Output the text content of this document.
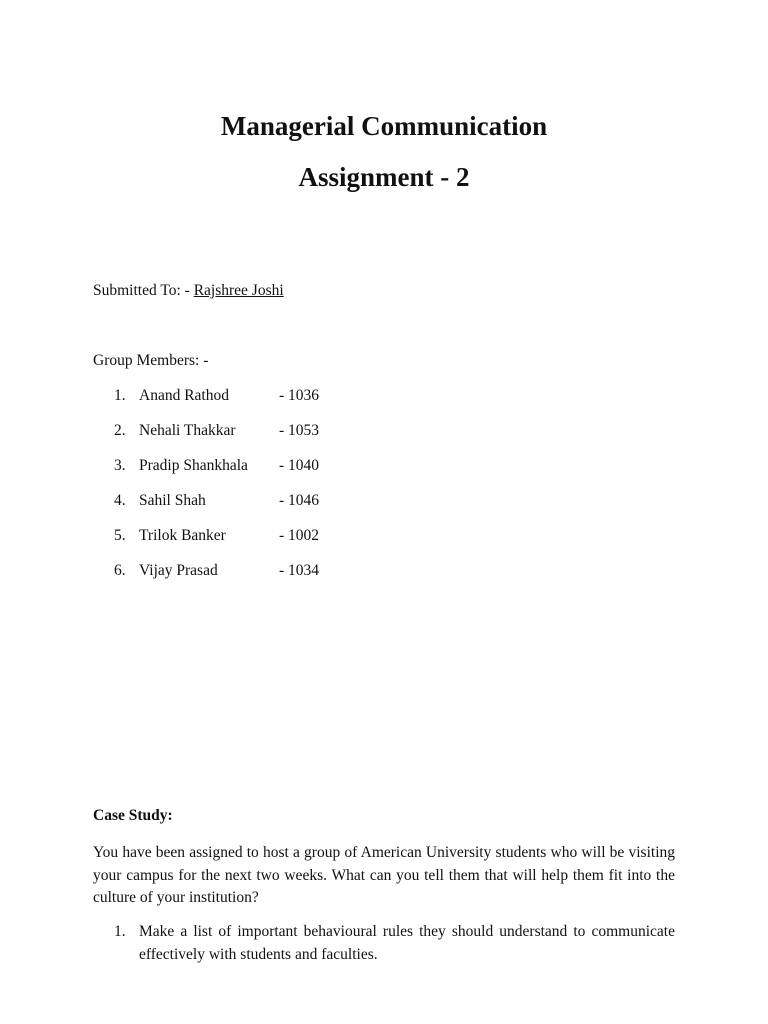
Managerial Communication
Assignment - 2
Submitted To: - Rajshree Joshi
Group Members: -
1. Anand Rathod	- 1036
2. Nehali Thakkar	- 1053
3. Pradip Shankhala - 1040
4. Sahil Shah	- 1046
5. Trilok Banker	- 1002
6. Vijay Prasad	- 1034
Case Study:
You have been assigned to host a group of American University students who will be visiting your campus for the next two weeks. What can you tell them that will help them fit into the culture of your institution?
1. Make a list of important behavioural rules they should understand to communicate effectively with students and faculties.
